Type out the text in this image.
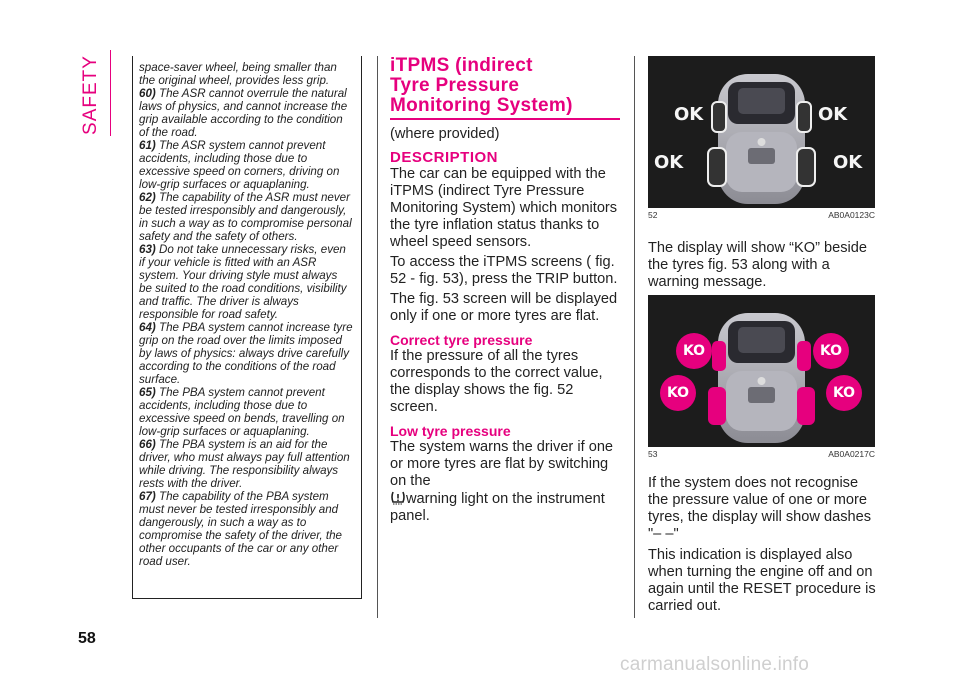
SAFETY	space-saver wheel, being smaller than the original wheel, provides less grip.

60) The ASR cannot overrule the natural laws of physics, and cannot increase the grip available according to the condition of the road.

61) The ASR system cannot prevent accidents, including those due to excessive speed on corners, driving on low-grip surfaces or aquaplaning.

62) The capability of the ASR must never be tested irresponsibly and dangerously, in such a way as to compromise personal safety and the safety of others.

63) Do not take unnecessary risks, even if your vehicle is fitted with an ASR system. Your driving style must always be suited to the road conditions, visibility and traffic. The driver is always responsible for road safety.

64) The PBA system cannot increase tyre grip on the road over the limits imposed by laws of physics: always drive carefully according to the conditions of the road surface.

65) The PBA system cannot prevent accidents, including those due to excessive speed on bends, travelling on low-grip surfaces or aquaplaning.

66) The PBA system is an aid for the driver, who must always pay full attention while driving. The responsibility always rests with the driver.

67) The capability of the PBA system must never be tested irresponsibly and dangerously, in such a way as to compromise the safety of the driver, the other occupants of the car or any other road user.

iTPMS (indirect
Tyre Pressure
Monitoring System)

(where provided)

DESCRIPTION

The car can be equipped with the iTPMS (indirect Tyre Pressure Monitoring System) which monitors the tyre inflation status thanks to wheel speed sensors.

To access the iTPMS screens ( fig. 52 - fig. 53), press the TRIP button.

The fig. 53 screen will be displayed only if one or more tyres are flat.

Correct tyre pressure

If the pressure of all the tyres corresponds to the correct value, the display shows the fig. 52 screen.

Low tyre pressure

The system warns the driver if one or more tyres are flat by switching on the
warning light on the instrument panel.

OK	OK
OK	OK
52	AB0A0123C

The display will show “KO” beside the tyres fig. 53 along with a warning message.

KO	KO
KO	KO
53	AB0A0217C

If the system does not recognise the pressure value of one or more tyres, the display will show dashes "– –"

This indication is displayed also when turning the engine off and on again until the RESET procedure is carried out.

58
carmanualsonline.info
